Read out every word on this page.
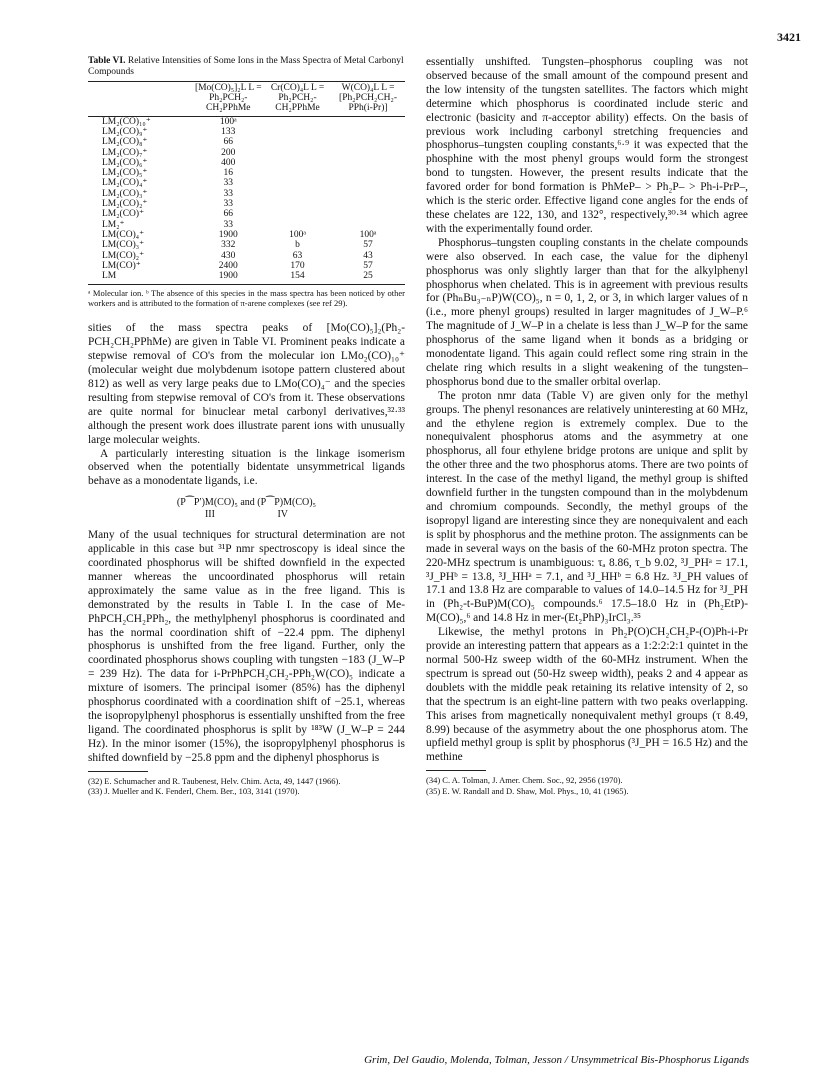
3421
Table VI. Relative Intensities of Some Ions in the Mass Spectra of Metal Carbonyl Compounds
	[Mo(CO)₅]₂L L = Ph₂PCH₂-CH₂PPhMe	Cr(CO)₄L L = Ph₂PCH₂-CH₂PPhMe	W(CO)₄L L = [Ph₂PCH₂CH₂-PPh(i-Pr)]
LM₂(CO)₁₀⁺	100ᵃ		
LM₂(CO)₉⁺	133		
LM₂(CO)₈⁺	66		
LM₂(CO)₇⁺	200		
LM₂(CO)₆⁺	400		
LM₂(CO)₅⁺	16		
LM₂(CO)₄⁺	33		
LM₂(CO)₃⁺	33		
LM₂(CO)₂⁺	33		
LM₂(CO)⁺	66		
LM₂⁺	33		
LM(CO)₄⁺	1900	100ᵃ	100ᵃ
LM(CO)₃⁺	332	b	57
LM(CO)₂⁺	430	63	43
LM(CO)⁺	2400	170	57
LM	1900	154	25
ᵃ Molecular ion. ᵇ The absence of this species in the mass spectra has been noticed by other workers and is attributed to the formation of π-arene complexes (see ref 29).

sities of the mass spectra peaks of [Mo(CO)₅]₂(Ph₂-PCH₂CH₂PPhMe) are given in Table VI. Prominent peaks indicate a stepwise removal of CO's from the molecular ion LMo₂(CO)₁₀⁺ (molecular weight due molybdenum isotope pattern clustered about 812) as well as very large peaks due to LMo(CO)₄⁻ and the species resulting from stepwise removal of CO's from it. These observations are quite normal for binuclear metal carbonyl derivatives,³²·³³ although the present work does illustrate parent ions with unusually large molecular weights.

A particularly interesting situation is the linkage isomerism observed when the potentially bidentate unsymmetrical ligands behave as a monodentate ligands, i.e.

(P⁀P′)M(CO)₅ and (P⁀P)M(CO)₅
III IV

Many of the usual techniques for structural determination are not applicable in this case but ³¹P nmr spectroscopy is ideal since the coordinated phosphorus will be shifted downfield in the expected manner whereas the uncoordinated phosphorus will retain approximately the same value as in the free ligand. This is demonstrated by the results in Table I. In the case of Me-PhPCH₂CH₂PPh₂, the methylphenyl phosphorus is coordinated and has the normal coordination shift of −22.4 ppm. The diphenyl phosphorus is unshifted from the free ligand. Further, only the coordinated phosphorus shows coupling with tungsten −183 (J_W–P = 239 Hz). The data for i-PrPhPCH₂CH₂-PPh₂W(CO)₅ indicate a mixture of isomers. The principal isomer (85%) has the diphenyl phosphorus coordinated with a coordination shift of −25.1, whereas the isopropylphenyl phosphorus is essentially unshifted from the free ligand. The coordinated phosphorus is split by ¹⁸³W (J_W–P = 244 Hz). In the minor isomer (15%), the isopropylphenyl phosphorus is shifted downfield by −25.8 ppm and the diphenyl phosphorus is

(32) E. Schumacher and R. Taubenest, Helv. Chim. Acta, 49, 1447 (1966).
(33) J. Mueller and K. Fenderl, Chem. Ber., 103, 3141 (1970).

essentially unshifted. Tungsten–phosphorus coupling was not observed because of the small amount of the compound present and the low intensity of the tungsten satellites. The factors which might determine which phosphorus is coordinated include steric and electronic (basicity and π-acceptor ability) effects. On the basis of previous work including carbonyl stretching frequencies and phosphorus–tungsten coupling constants,⁶·⁹ it was expected that the phosphine with the most phenyl groups would form the strongest bond to tungsten. However, the present results indicate that the favored order for bond formation is PhMeP– > Ph₂P– > Ph-i-PrP–, which is the steric order. Effective ligand cone angles for the ends of these chelates are 122, 130, and 132°, respectively,³⁰·³⁴ which agree with the experimentally found order.

Phosphorus–tungsten coupling constants in the chelate compounds were also observed. In each case, the value for the diphenyl phosphorus was only slightly larger than that for the alkylphenyl phosphorus when chelated. This is in agreement with previous results for (PhₙBu₃₋ₙP)W(CO)₅, n = 0, 1, 2, or 3, in which larger values of n (i.e., more phenyl groups) resulted in larger magnitudes of J_W–P.⁶ The magnitude of J_W–P in a chelate is less than J_W–P for the same phosphorus of the same ligand when it bonds as a bridging or monodentate ligand. This again could reflect some ring strain in the chelate ring which results in a slight weakening of the tungsten–phosphorus bond due to the smaller orbital overlap.

The proton nmr data (Table V) are given only for the methyl groups. The phenyl resonances are relatively uninteresting at 60 MHz, and the ethylene region is extremely complex. Due to the nonequivalent phosphorus atoms and the asymmetry at one phosphorus, all four ethylene bridge protons are unique and split by the other three and the two phosphorus atoms. There are two points of interest. In the case of the methyl ligand, the methyl group is shifted downfield further in the tungsten compound than in the molybdenum and chromium compounds. Secondly, the methyl groups of the isopropyl ligand are interesting since they are nonequivalent and each is split by phosphorus and the methine proton. The assignments can be made in several ways on the basis of the 60-MHz proton spectra. The 220-MHz spectrum is unambiguous: τₐ 8.86, τ_b 9.02, ³J_PHᵃ = 17.1, ³J_PHᵇ = 13.8, ³J_HHᵃ = 7.1, and ³J_HHᵇ = 6.8 Hz. ³J_PH values of 17.1 and 13.8 Hz are comparable to values of 14.0–14.5 Hz for ³J_PH in (Ph₂-t-BuP)M(CO)₅ compounds.⁶ 17.5–18.0 Hz in (Ph₂EtP)-M(CO)₅,⁶ and 14.8 Hz in mer-(Et₂PhP)₃IrCl₃.³⁵

Likewise, the methyl protons in Ph₂P(O)CH₂CH₂P-(O)Ph-i-Pr provide an interesting pattern that appears as a 1:2:2:2:1 quintet in the normal 500-Hz sweep width of the 60-MHz instrument. When the spectrum is spread out (50-Hz sweep width), peaks 2 and 4 appear as doublets with the middle peak retaining its relative intensity of 2, so that the spectrum is an eight-line pattern with two peaks overlapping. This arises from magnetically nonequivalent methyl groups (τ 8.49, 8.99) because of the asymmetry about the one phosphorus atom. The upfield methyl group is split by phosphorus (³J_PH = 16.5 Hz) and the methine

(34) C. A. Tolman, J. Amer. Chem. Soc., 92, 2956 (1970).
(35) E. W. Randall and D. Shaw, Mol. Phys., 10, 41 (1965).
Grim, Del Gaudio, Molenda, Tolman, Jesson / Unsymmetrical Bis-Phosphorus Ligands
